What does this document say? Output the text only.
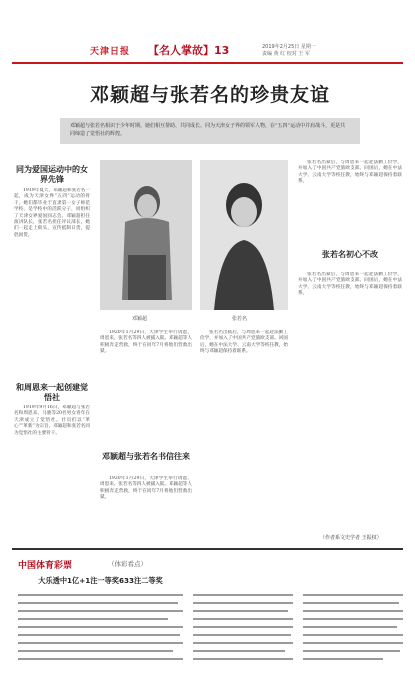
天津日报 【名人掌故】13	2019年2月25日 星期一
责编 黄 红 校对 王 军
邓颖超与张若名的珍贵友谊
邓颖超与张若名相识于少年时期。她们相互帮助、共同成长、同为天津女子界的领军人物，在“五四”运动中并肩战斗，更是共同缔造了觉悟社的辉煌。
同为爱国运动中的女界先锋

1919年夏天，邓颖超和张若名一起，成为天津女界“五四”运动的骨干。她们都毕业于直隶第一女子师范学校，是学校中的活跃分子，同组织了天津女界爱国同志会。邓颖超担任演讲队长，张若名担任评议部长，她们一起走上街头，宣传抵制日货，提倡国货。

和周恩来一起创建觉悟社

1919年9月16日，邓颖超与张若名和周恩来、马骏等20名男女青年在天津成立了觉悟社。社员们以“革心”“革新”为宗旨，邓颖超和张若名同为觉悟社的主要骨干。

邓颖超	张若名

1920年1月29日，天津学生举行请愿，周恩来、张若名等四人被捕入狱。邓颖超等人积极奔走营救，终于在同年7月将他们营救出狱。

邓颖超与张若名书信往来

1920年1月29日，天津学生举行请愿，周恩来、张若名等四人被捕入狱。邓颖超等人积极奔走营救，终于在同年7月将他们营救出狱。

张若名出狱后，与周恩来一起赴法勤工俭学，并加入了中国共产党旅欧支部。回国后，她在中法大学、云南大学等校任教，始终与邓颖超保持着联系。

张若名出狱后，与周恩来一起赴法勤工俭学，并加入了中国共产党旅欧支部。回国后，她在中法大学、云南大学等校任教，始终与邓颖超保持着联系。

张若名初心不改

张若名出狱后，与周恩来一起赴法勤工俭学，并加入了中国共产党旅欧支部。回国后，她在中法大学、云南大学等校任教，始终与邓颖超保持着联系。

（作者系文史学者 王振权）
中国体育彩票	（体彩看点）
大乐透中1亿+1注一等奖633注二等奖
